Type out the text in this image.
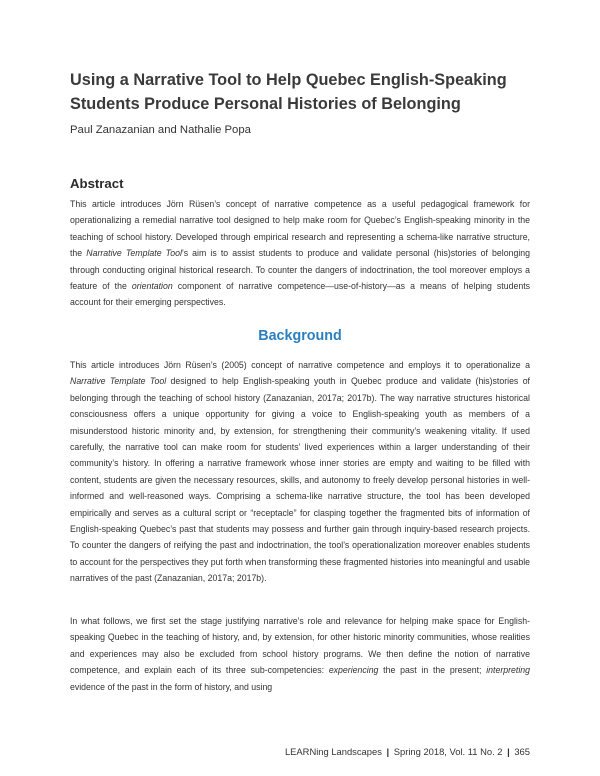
Using a Narrative Tool to Help Quebec English-Speaking Students Produce Personal Histories of Belonging

Paul Zanazanian and Nathalie Popa

Abstract

This article introduces Jörn Rüsen’s concept of narrative competence as a useful pedagogical framework for operationalizing a remedial narrative tool designed to help make room for Quebec’s English-speaking minority in the teaching of school history. Developed through empirical research and representing a schema-like narrative structure, the Narrative Template Tool’s aim is to assist students to produce and validate personal (his)stories of belonging through conducting original historical research. To counter the dangers of indoctrination, the tool moreover employs a feature of the orientation component of narrative competence—use-of-history—as a means of helping students account for their emerging perspectives.

Background

This article introduces Jörn Rüsen’s (2005) concept of narrative competence and employs it to operationalize a Narrative Template Tool designed to help English-speaking youth in Quebec produce and validate (his)stories of belonging through the teaching of school history (Zanazanian, 2017a; 2017b). The way narrative structures historical consciousness offers a unique opportunity for giving a voice to English-speaking youth as members of a misunderstood historic minority and, by extension, for strengthening their community’s weakening vitality. If used carefully, the narrative tool can make room for students’ lived experiences within a larger understanding of their community’s history. In offering a narrative framework whose inner stories are empty and waiting to be filled with content, students are given the necessary resources, skills, and autonomy to freely develop personal histories in well-informed and well-reasoned ways. Comprising a schema-like narrative structure, the tool has been developed empirically and serves as a cultural script or “receptacle” for clasping together the fragmented bits of information of English-speaking Quebec’s past that students may possess and further gain through inquiry-based research projects. To counter the dangers of reifying the past and indoctrination, the tool’s operationalization moreover enables students to account for the perspectives they put forth when transforming these fragmented histories into meaningful and usable narratives of the past (Zanazanian, 2017a; 2017b).

In what follows, we first set the stage justifying narrative’s role and relevance for helping make space for English-speaking Quebec in the teaching of history, and, by extension, for other historic minority communities, whose realities and experiences may also be excluded from school history programs. We then define the notion of narrative competence, and explain each of its three sub-competencies: experiencing the past in the present; interpreting evidence of the past in the form of history, and using

LEARNing Landscapes | Spring 2018, Vol. 11 No. 2 | 365
